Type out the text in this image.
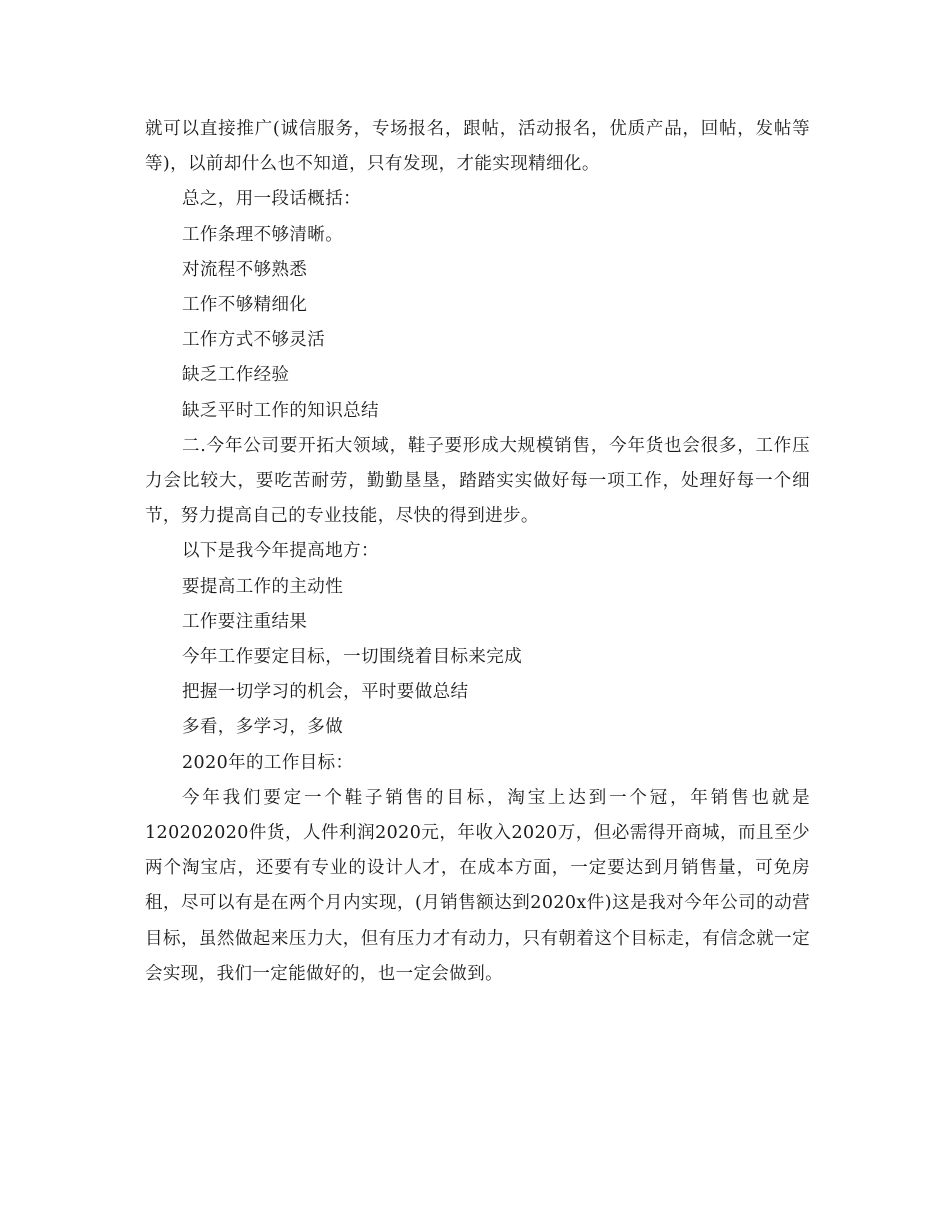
就可以直接推广(诚信服务，专场报名，跟帖，活动报名，优质产品，回帖，发帖等等)，以前却什么也不知道，只有发现，才能实现精细化。

总之，用一段话概括：

工作条理不够清晰。

对流程不够熟悉

工作不够精细化

工作方式不够灵活

缺乏工作经验

缺乏平时工作的知识总结

二.今年公司要开拓大领域，鞋子要形成大规模销售，今年货也会很多，工作压力会比较大，要吃苦耐劳，勤勤垦垦，踏踏实实做好每一项工作，处理好每一个细节，努力提高自己的专业技能，尽快的得到进步。

以下是我今年提高地方：

要提高工作的主动性

工作要注重结果

今年工作要定目标，一切围绕着目标来完成

把握一切学习的机会，平时要做总结

多看，多学习，多做

2020年的工作目标：

今年我们要定一个鞋子销售的目标，淘宝上达到一个冠，年销售也就是120202020件货，人件利润2020元，年收入2020万，但必需得开商城，而且至少两个淘宝店，还要有专业的设计人才，在成本方面，一定要达到月销售量，可免房租，尽可以有是在两个月内实现，(月销售额达到2020x件)这是我对今年公司的动营目标，虽然做起来压力大，但有压力才有动力，只有朝着这个目标走，有信念就一定会实现，我们一定能做好的，也一定会做到。
